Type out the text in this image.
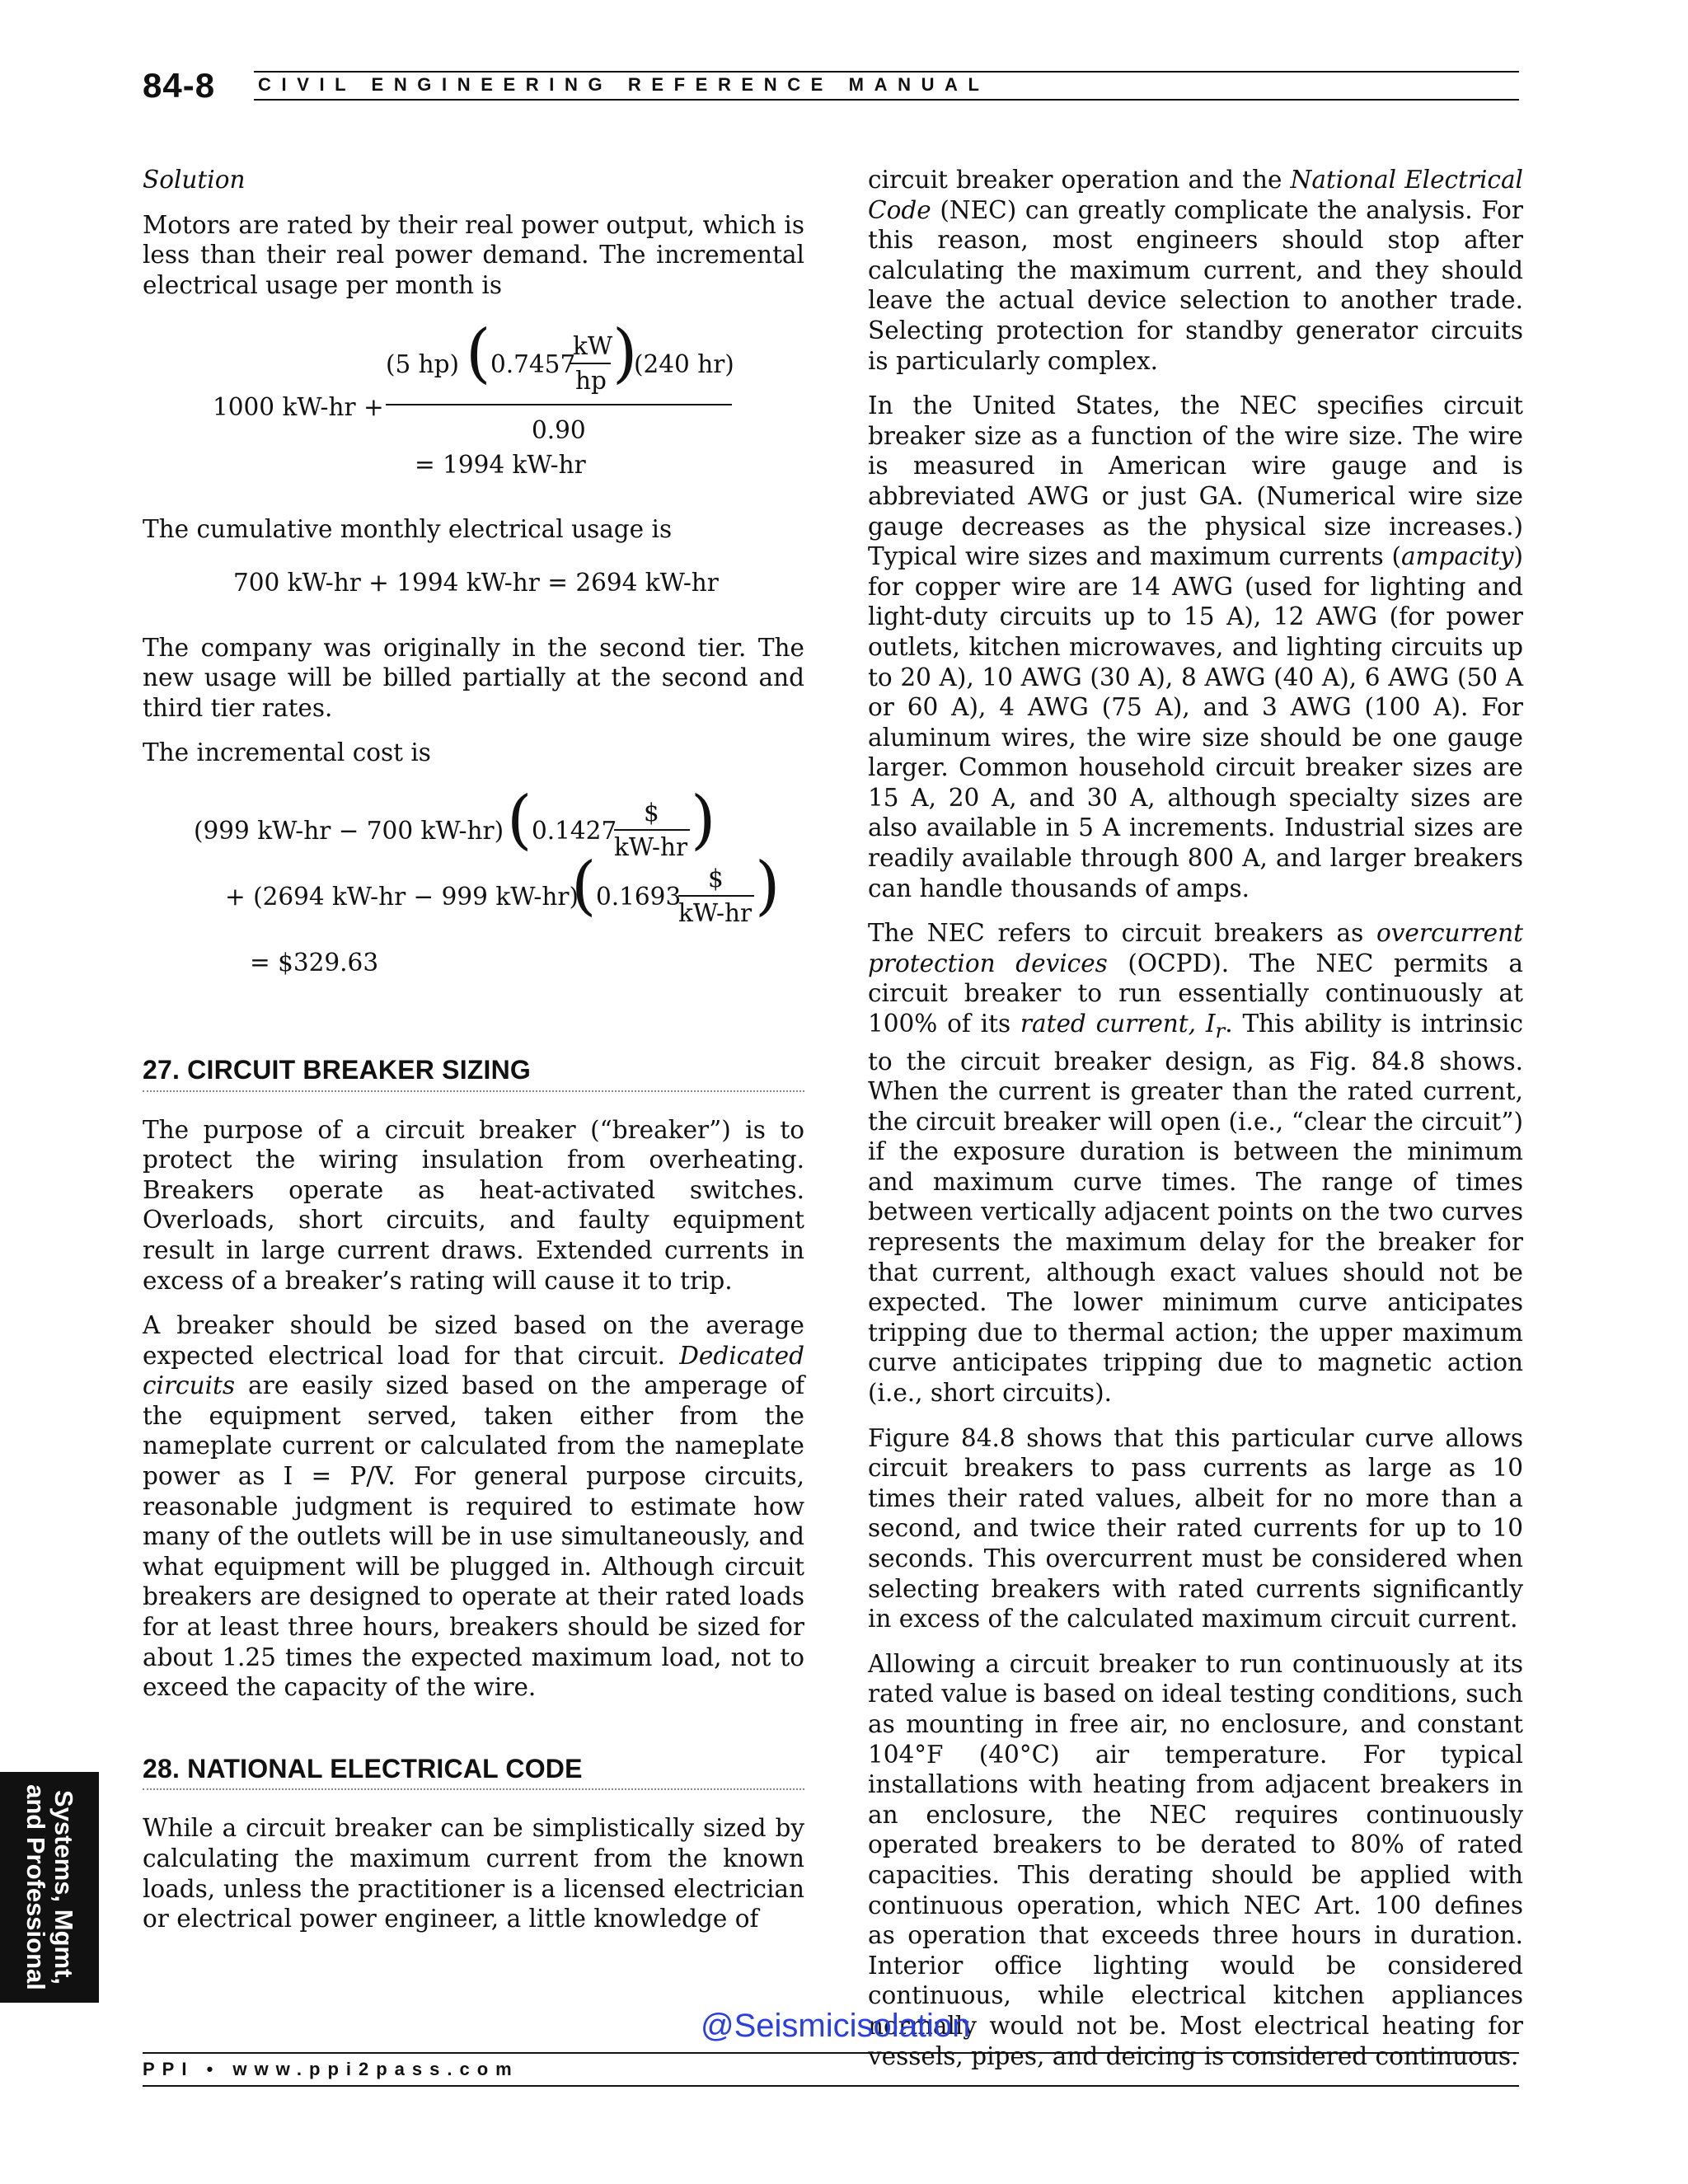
84-8 CIVIL ENGINEERING REFERENCE MANUAL
Solution

Motors are rated by their real power output, which is less than their real power demand. The incremental electrical usage per month is

1000 kW-hr +
(5 hp) ( 0.7457
kW
hp )
(240 hr)
0.90
= 1994 kW-hr

The cumulative monthly electrical usage is

700 kW-hr + 1994 kW-hr = 2694 kW-hr

The company was originally in the second tier. The new usage will be billed partially at the second and third tier rates.

The incremental cost is

(999 kW-hr − 700 kW-hr) ( 0.1427
$
kW-hr )
+ (2694 kW-hr − 999 kW-hr)
( 0.1693
$
kW-hr )
= $329.63
27. CIRCUIT BREAKER SIZING

The purpose of a circuit breaker (“breaker”) is to protect the wiring insulation from overheating. Breakers operate as heat-activated switches. Overloads, short circuits, and faulty equipment result in large current draws. Extended currents in excess of a breaker’s rating will cause it to trip.

A breaker should be sized based on the average expected electrical load for that circuit. Dedicated circuits are easily sized based on the amperage of the equipment served, taken either from the nameplate current or calculated from the nameplate power as I = P/V. For general purpose circuits, reasonable judgment is required to estimate how many of the outlets will be in use simultaneously, and what equipment will be plugged in. Although circuit breakers are designed to operate at their rated loads for at least three hours, breakers should be sized for about 1.25 times the expected maximum load, not to exceed the capacity of the wire.

28. NATIONAL ELECTRICAL CODE

While a circuit breaker can be simplistically sized by calculating the maximum current from the known loads, unless the practitioner is a licensed electrician or electrical power engineer, a little knowledge of

circuit breaker operation and the National Electrical Code (NEC) can greatly complicate the analysis. For this reason, most engineers should stop after calculating the maximum current, and they should leave the actual device selection to another trade. Selecting protection for standby generator circuits is particularly complex.

In the United States, the NEC specifies circuit breaker size as a function of the wire size. The wire is measured in American wire gauge and is abbreviated AWG or just GA. (Numerical wire size gauge decreases as the physical size increases.) Typical wire sizes and maximum currents (ampacity) for copper wire are 14 AWG (used for lighting and light-duty circuits up to 15 A), 12 AWG (for power outlets, kitchen microwaves, and lighting circuits up to 20 A), 10 AWG (30 A), 8 AWG (40 A), 6 AWG (50 A or 60 A), 4 AWG (75 A), and 3 AWG (100 A). For aluminum wires, the wire size should be one gauge larger. Common household circuit breaker sizes are 15 A, 20 A, and 30 A, although specialty sizes are also available in 5 A increments. Industrial sizes are readily available through 800 A, and larger breakers can handle thousands of amps.

The NEC refers to circuit breakers as overcurrent protection devices (OCPD). The NEC permits a circuit breaker to run essentially continuously at 100% of its rated current, $I_r$. This ability is intrinsic to the circuit breaker design, as Fig. 84.8 shows. When the current is greater than the rated current, the circuit breaker will open (i.e., “clear the circuit”) if the exposure duration is between the minimum and maximum curve times. The range of times between vertically adjacent points on the two curves represents the maximum delay for the breaker for that current, although exact values should not be expected. The lower minimum curve anticipates tripping due to thermal action; the upper maximum curve anticipates tripping due to magnetic action (i.e., short circuits).

Figure 84.8 shows that this particular curve allows circuit breakers to pass currents as large as 10 times their rated values, albeit for no more than a second, and twice their rated currents for up to 10 seconds. This overcurrent must be considered when selecting breakers with rated currents significantly in excess of the calculated maximum circuit current.

Allowing a circuit breaker to run continuously at its rated value is based on ideal testing conditions, such as mounting in free air, no enclosure, and constant 104°F (40°C) air temperature. For typical installations with heating from adjacent breakers in an enclosure, the NEC requires continuously operated breakers to be derated to 80% of rated capacities. This derating should be applied with continuous operation, which NEC Art. 100 defines as operation that exceeds three hours in duration. Interior office lighting would be considered continuous, while electrical kitchen appliances normally would not be. Most electrical heating for vessels, pipes, and deicing is considered continuous.

Systems, Mgmt,
and Professional
@Seismicisolation
PPI • www.ppi2pass.com
